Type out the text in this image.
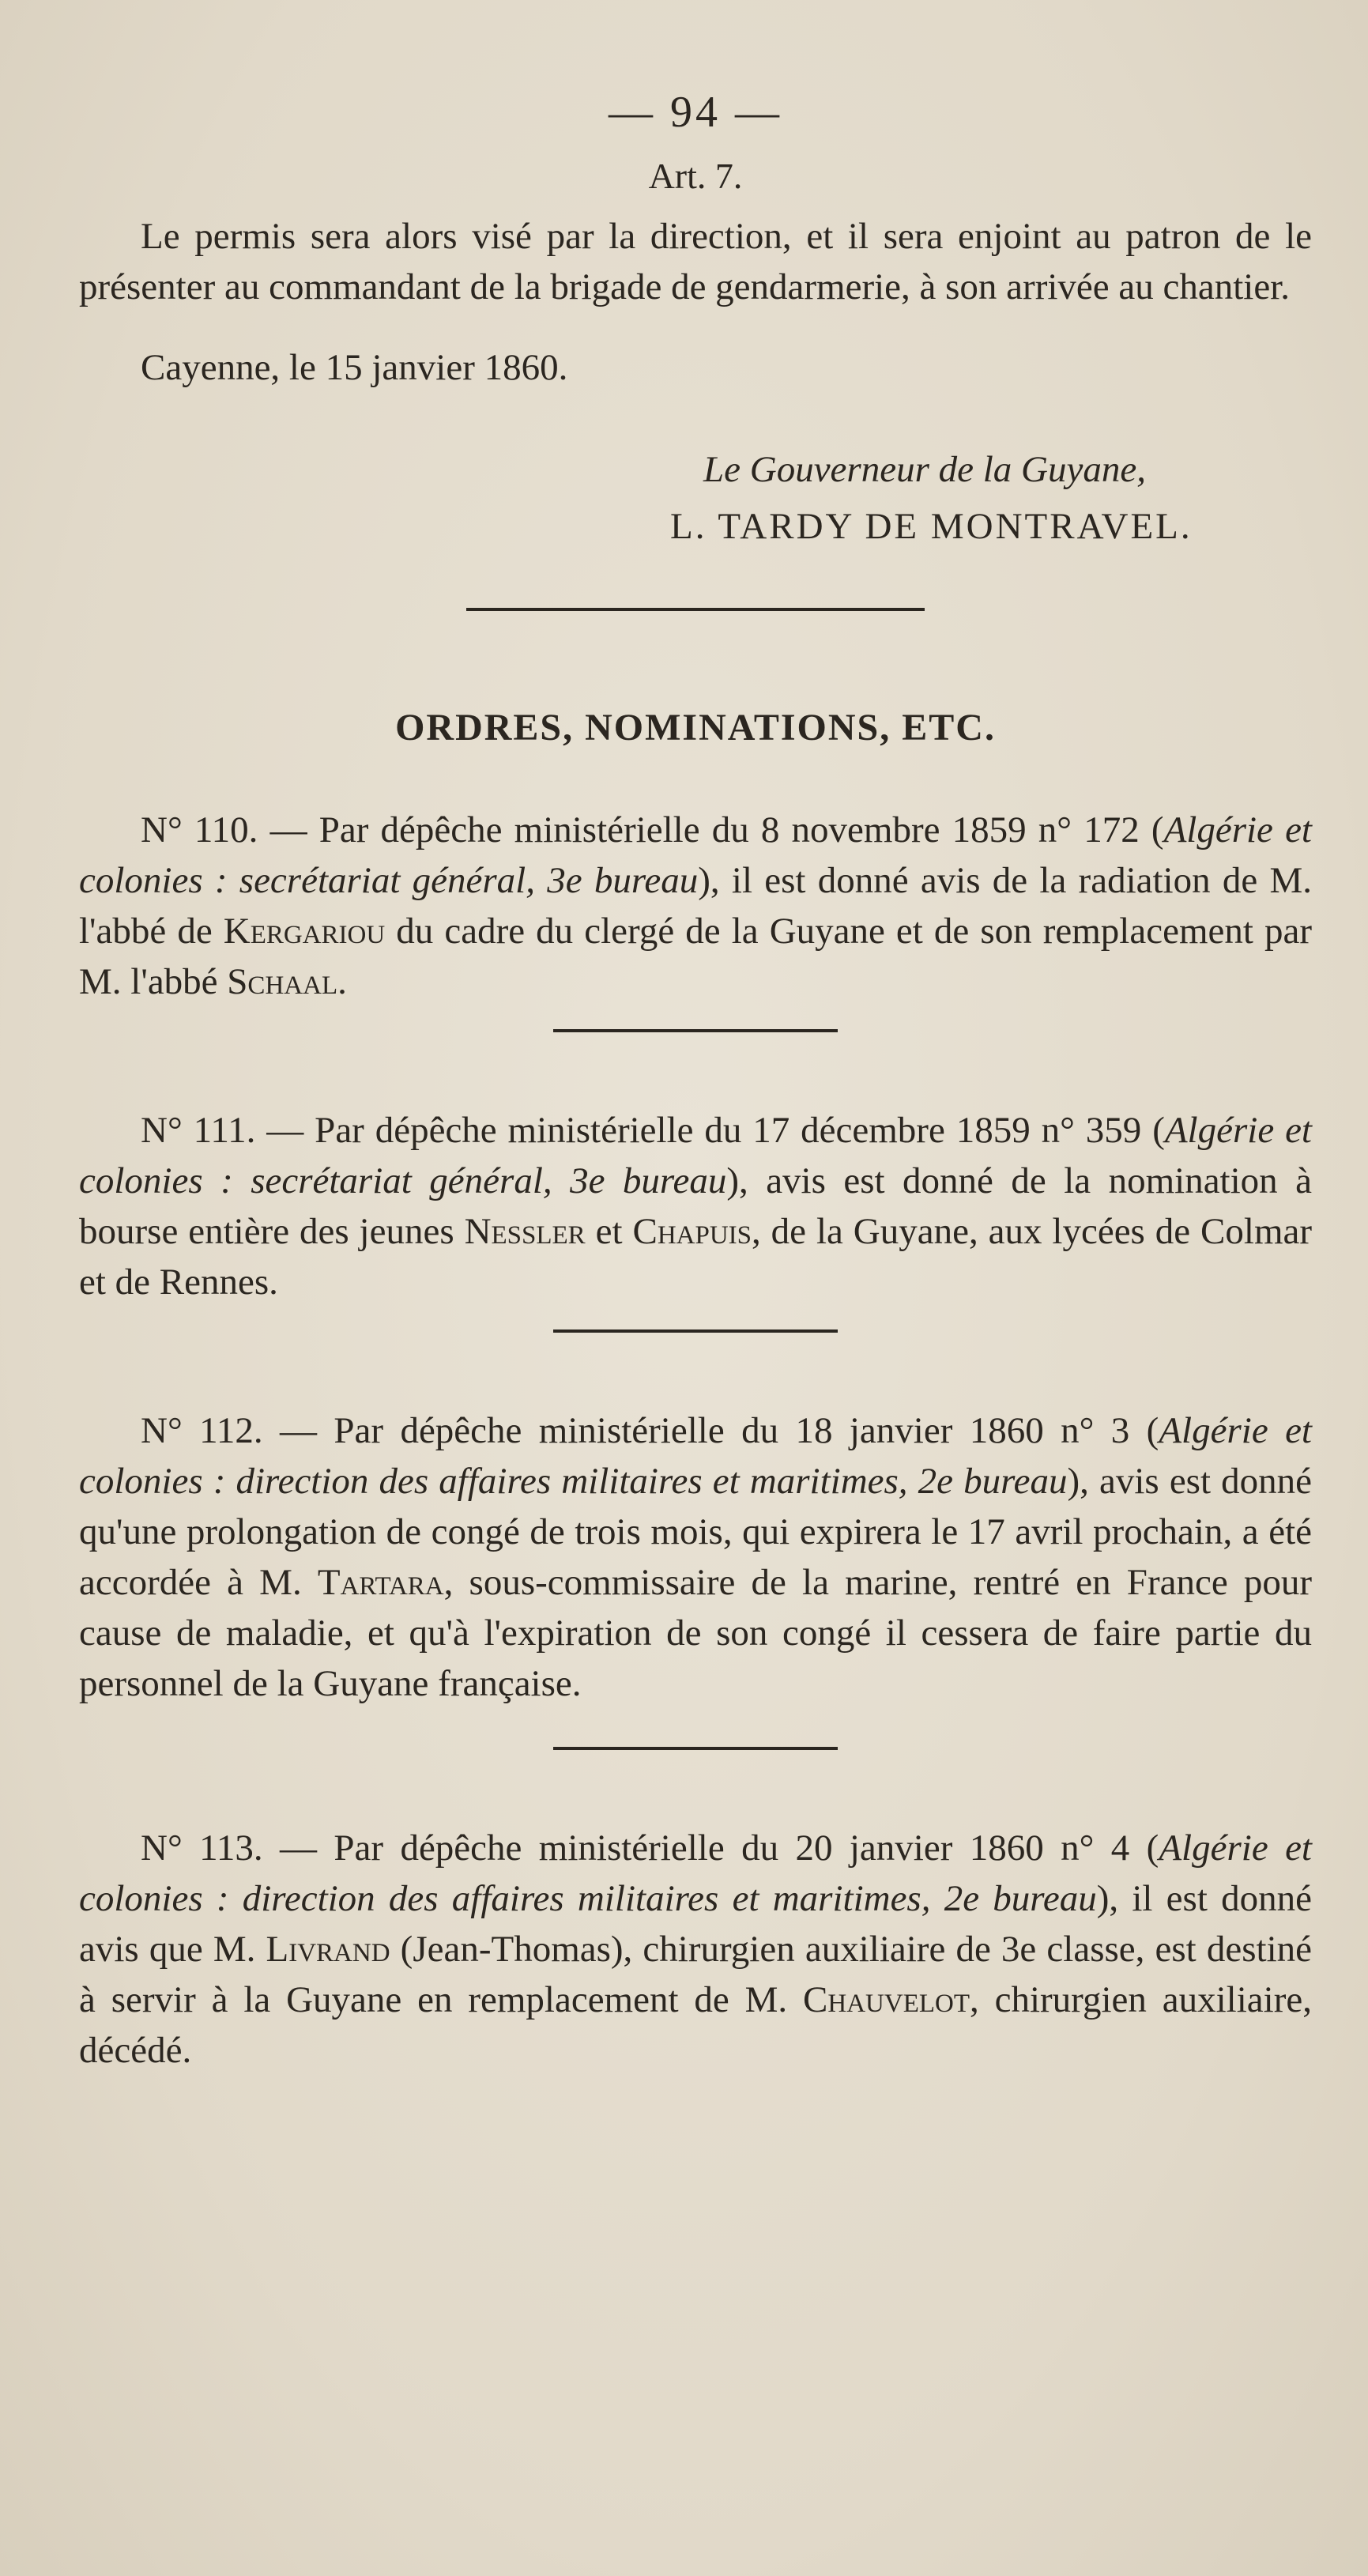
— 94 —
Art. 7.

Le permis sera alors visé par la direction, et il sera enjoint au patron de le présenter au commandant de la brigade de gendarmerie, à son arrivée au chantier.

Cayenne, le 15 janvier 1860.
Le Gouverneur de la Guyane,
L. TARDY DE MONTRAVEL.
ORDRES, NOMINATIONS, ETC.

N° 110. — Par dépêche ministérielle du 8 novembre 1859 n° 172 (Algérie et colonies : secrétariat général, 3e bureau), il est donné avis de la radiation de M. l'abbé de Kergariou du cadre du clergé de la Guyane et de son remplacement par M. l'abbé Schaal.

N° 111. — Par dépêche ministérielle du 17 décembre 1859 n° 359 (Algérie et colonies : secrétariat général, 3e bureau), avis est donné de la nomination à bourse entière des jeunes Nessler et Chapuis, de la Guyane, aux lycées de Colmar et de Rennes.

N° 112. — Par dépêche ministérielle du 18 janvier 1860 n° 3 (Algérie et colonies : direction des affaires militaires et maritimes, 2e bureau), avis est donné qu'une prolongation de congé de trois mois, qui expirera le 17 avril prochain, a été accordée à M. Tartara, sous-commissaire de la marine, rentré en France pour cause de maladie, et qu'à l'expiration de son congé il cessera de faire partie du personnel de la Guyane française.

N° 113. — Par dépêche ministérielle du 20 janvier 1860 n° 4 (Algérie et colonies : direction des affaires militaires et maritimes, 2e bureau), il est donné avis que M. Livrand (Jean-Thomas), chirurgien auxiliaire de 3e classe, est destiné à servir à la Guyane en remplacement de M. Chauvelot, chirurgien auxiliaire, décédé.
